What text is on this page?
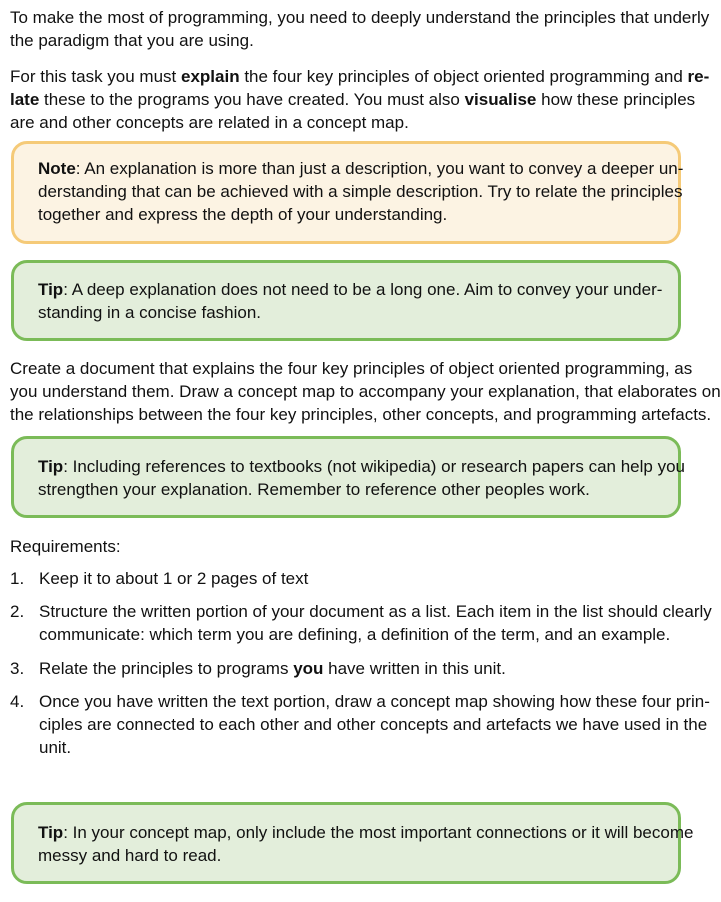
To make the most of programming, you need to deeply understand the principles that underly
the paradigm that you are using.
For this task you must explain the four key principles of object oriented programming and re-
late these to the programs you have created. You must also visualise how these principles
are and other concepts are related in a concept map.
Note: An explanation is more than just a description, you want to convey a deeper un-
derstanding that can be achieved with a simple description. Try to relate the principles
together and express the depth of your understanding.
Tip: A deep explanation does not need to be a long one. Aim to convey your under-
standing in a concise fashion.
Create a document that explains the four key principles of object oriented programming, as
you understand them. Draw a concept map to accompany your explanation, that elaborates on
the relationships between the four key principles, other concepts, and programming artefacts.
Tip: Including references to textbooks (not wikipedia) or research papers can help you
strengthen your explanation. Remember to reference other peoples work.
Requirements:
1. Keep it to about 1 or 2 pages of text
2. Structure the written portion of your document as a list. Each item in the list should clearly
communicate: which term you are defining, a definition of the term, and an example.
3. Relate the principles to programs you have written in this unit.
4. Once you have written the text portion, draw a concept map showing how these four prin-
ciples are connected to each other and other concepts and artefacts we have used in the
unit.
Tip: In your concept map, only include the most important connections or it will become
messy and hard to read.
